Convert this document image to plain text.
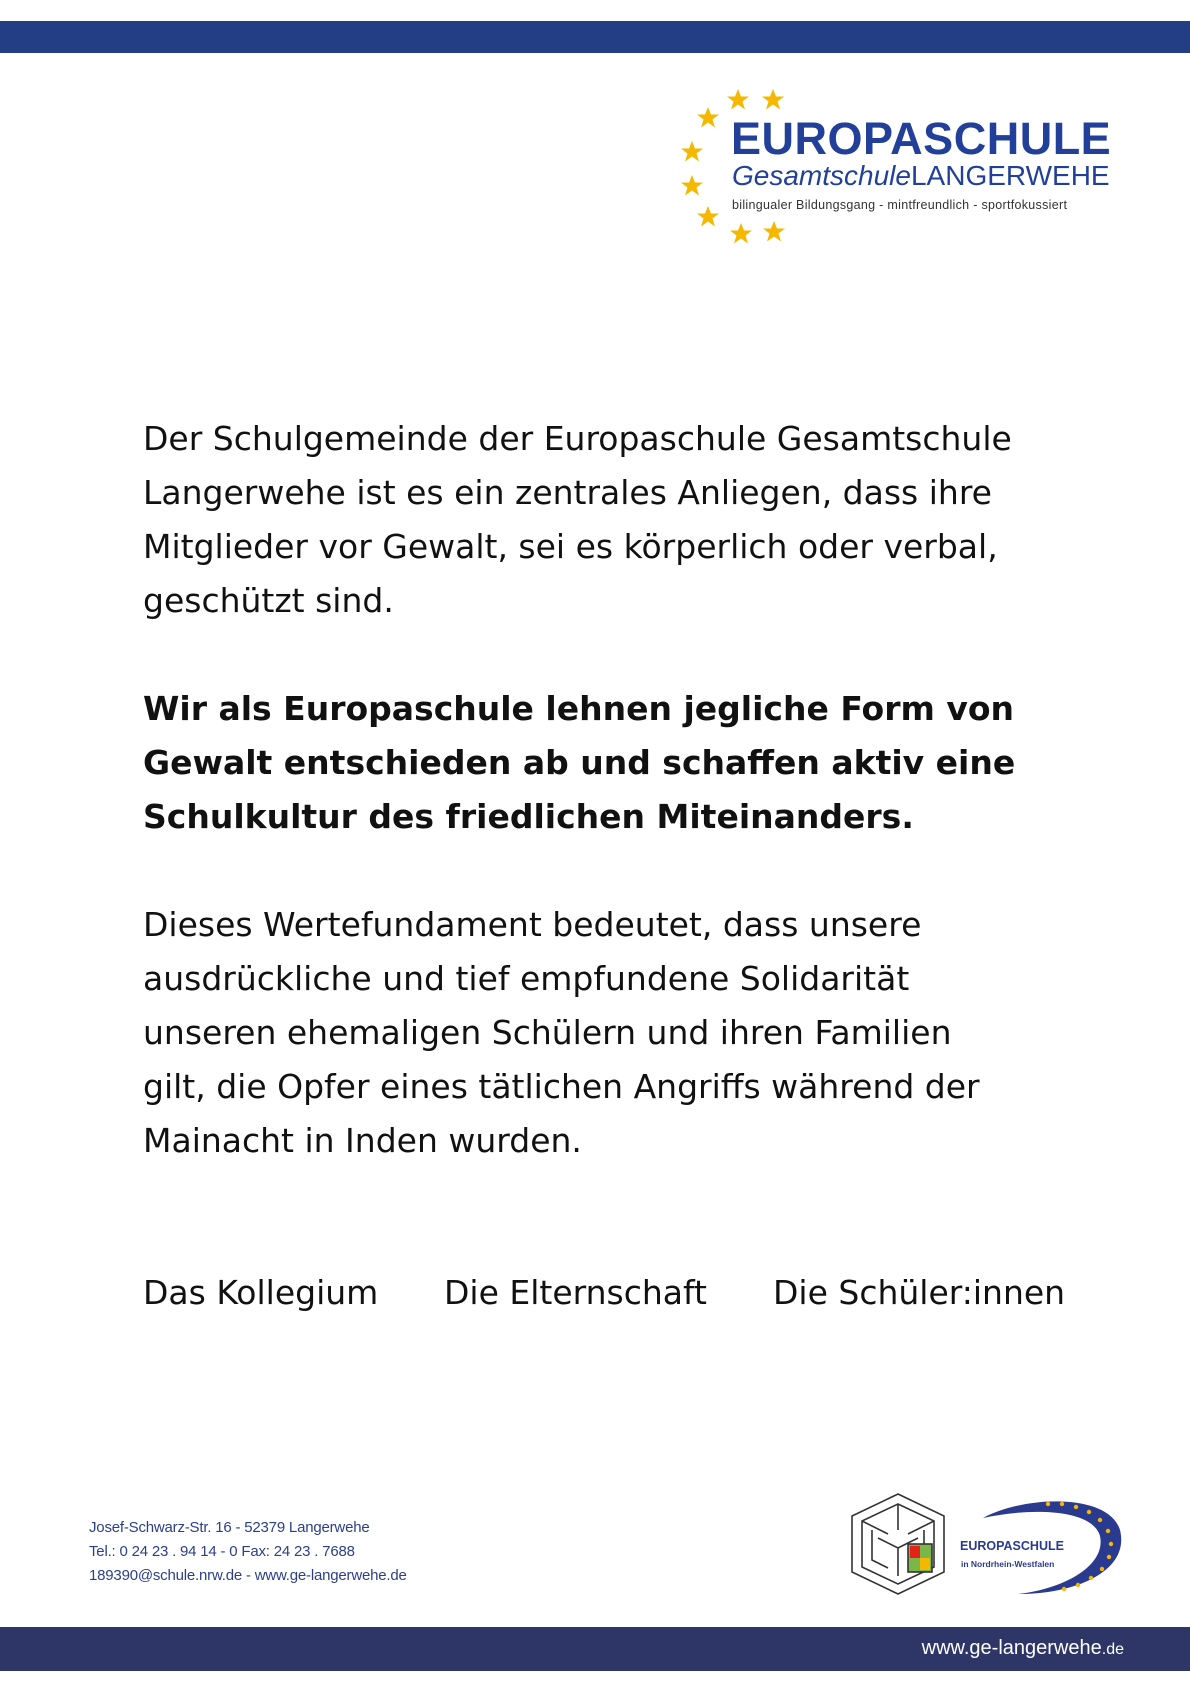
EUROPASCHULE
GesamtschuleLANGERWEHE
bilingualer Bildungsgang - mintfreundlich - sportfokussiert

Der Schulgemeinde der Europaschule Gesamtschule
Langerwehe ist es ein zentrales Anliegen, dass ihre
Mitglieder vor Gewalt, sei es körperlich oder verbal,
geschützt sind.

Wir als Europaschule lehnen jegliche Form von
Gewalt entschieden ab und schaffen aktiv eine
Schulkultur des friedlichen Miteinanders.

Dieses Wertefundament bedeutet, dass unsere
ausdrückliche und tief empfundene Solidarität
unseren ehemaligen Schülern und ihren Familien
gilt, die Opfer eines tätlichen Angriffs während der
Mainacht in Inden wurden.

Das Kollegium Die Elternschaft Die Schüler:innen
Josef-Schwarz-Str. 16 - 52379 Langerwehe
Tel.: 0 24 23 . 94 14 - 0 Fax: 24 23 . 7688
189390@schule.nrw.de - www.ge-langerwehe.de
EUROPASCHULE
in Nordrhein-Westfalen
www.ge-langerwehe.de
